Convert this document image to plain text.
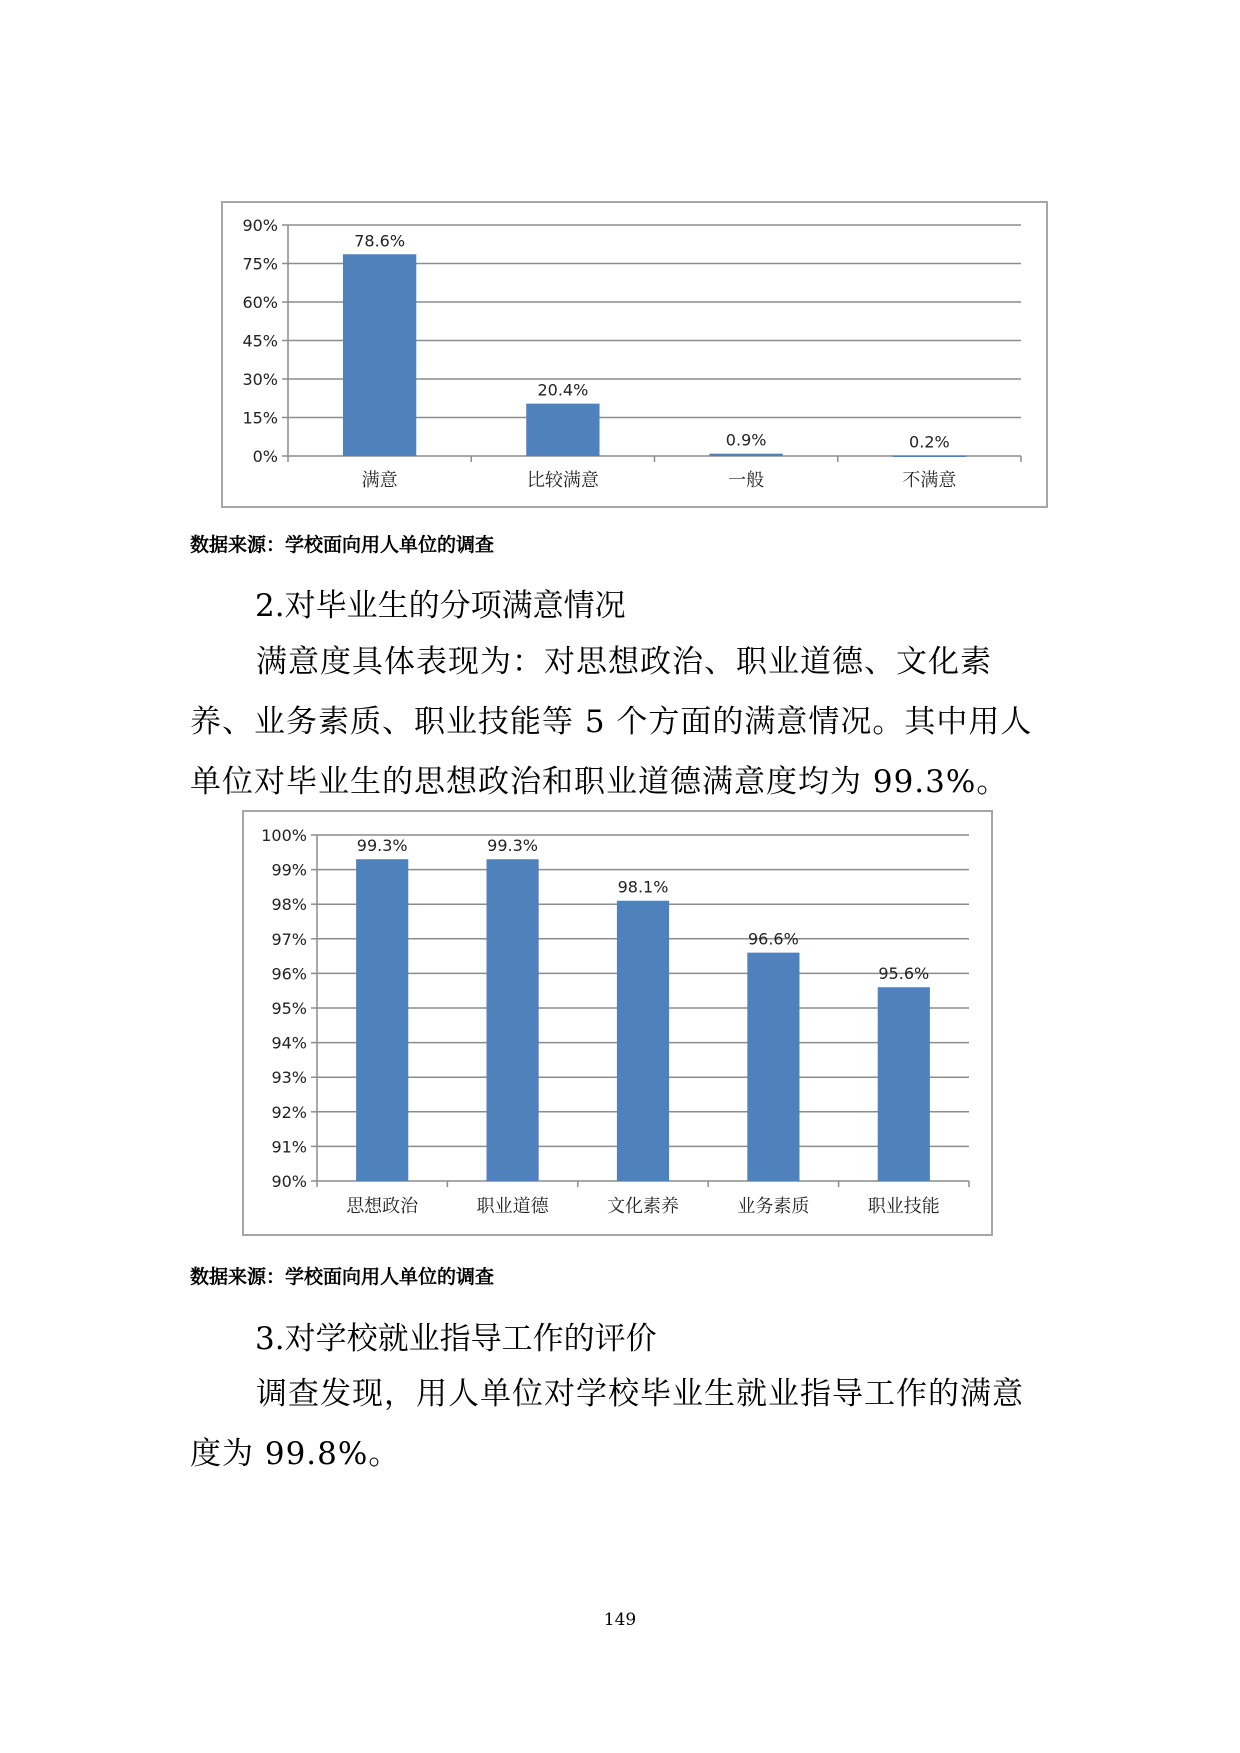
0%
15%
30%
45%
60%
75%
90%
78.6%
满意
20.4%
比较满意
0.9%
一般
0.2%
不满意
数据来源：学校面向用人单位的调查
2.对毕业生的分项满意情况

满意度具体表现为：对思想政治、职业道德、文化素养、业务素质、职业技能等 5 个方面的满意情况。其中用人单位对毕业生的思想政治和职业道德满意度均为 99.3%。

90%
91%
92%
93%
94%
95%
96%
97%
98%
99%
100%
99.3%
思想政治
99.3%
职业道德
98.1%
文化素养
96.6%
业务素质
95.6%
职业技能
数据来源：学校面向用人单位的调查
3.对学校就业指导工作的评价

调查发现，用人单位对学校毕业生就业指导工作的满意度为 99.8%。

149
